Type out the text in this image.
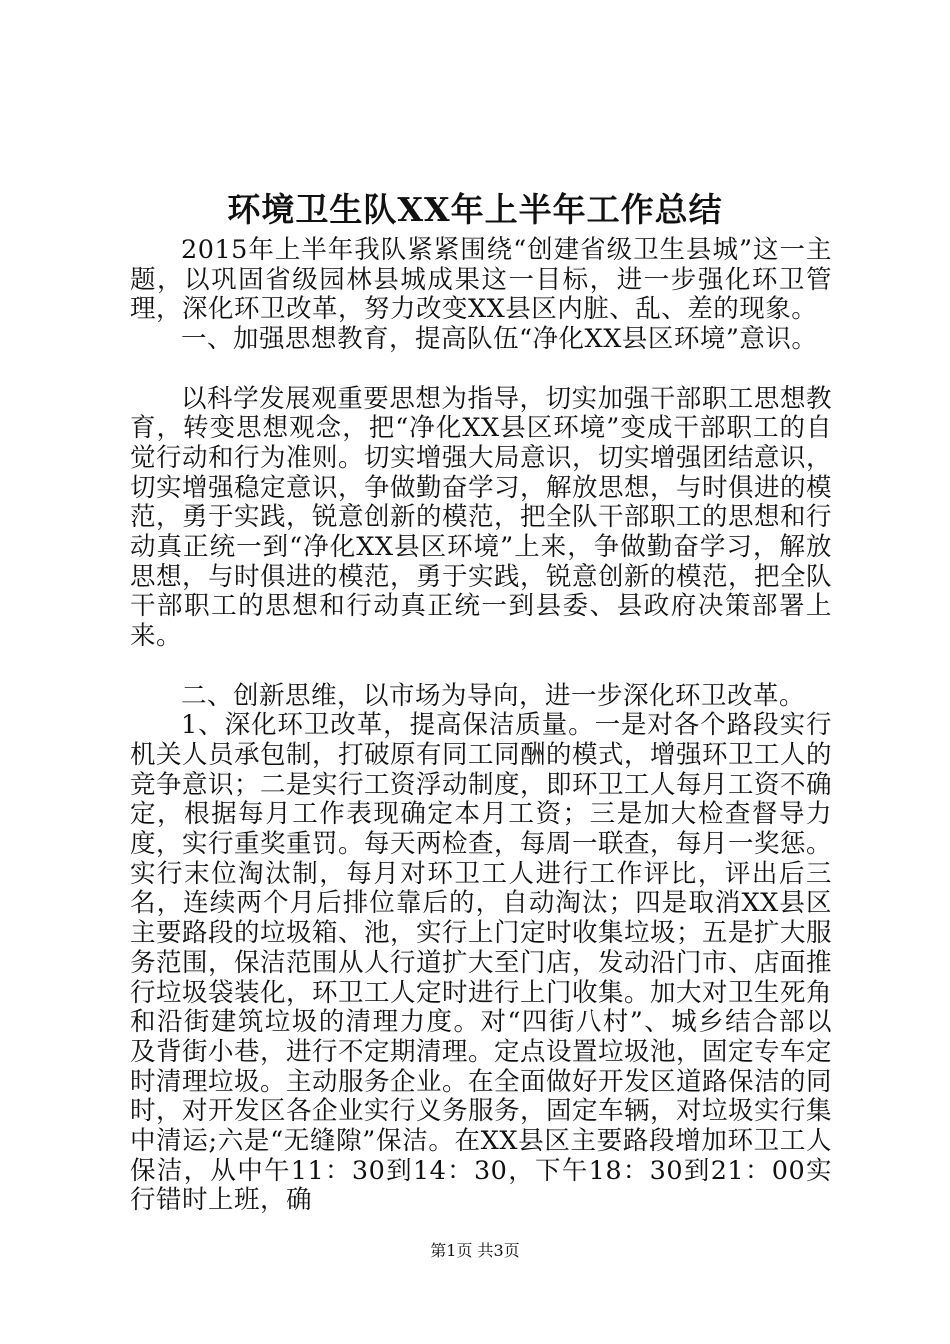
环境卫生队XX年上半年工作总结

2015年上半年我队紧紧围绕“创建省级卫生县城”这一主题，以巩固省级园林县城成果这一目标，进一步强化环卫管理，深化环卫改革，努力改变XX县区内脏、乱、差的现象。

一、加强思想教育，提高队伍“净化XX县区环境”意识。

以科学发展观重要思想为指导，切实加强干部职工思想教育，转变思想观念，把“净化XX县区环境”变成干部职工的自觉行动和行为准则。切实增强大局意识，切实增强团结意识，切实增强稳定意识，争做勤奋学习，解放思想，与时俱进的模范，勇于实践，锐意创新的模范，把全队干部职工的思想和行动真正统一到“净化XX县区环境”上来，争做勤奋学习，解放思想，与时俱进的模范，勇于实践，锐意创新的模范，把全队干部职工的思想和行动真正统一到县委、县政府决策部署上来。

二、创新思维，以市场为导向，进一步深化环卫改革。

1、深化环卫改革，提高保洁质量。一是对各个路段实行机关人员承包制，打破原有同工同酬的模式，增强环卫工人的竞争意识；二是实行工资浮动制度，即环卫工人每月工资不确定，根据每月工作表现确定本月工资；三是加大检查督导力度，实行重奖重罚。每天两检查，每周一联查，每月一奖惩。实行末位淘汰制，每月对环卫工人进行工作评比，评出后三名，连续两个月后排位靠后的，自动淘汰；四是取消XX县区主要路段的垃圾箱、池，实行上门定时收集垃圾；五是扩大服务范围，保洁范围从人行道扩大至门店，发动沿门市、店面推行垃圾袋装化，环卫工人定时进行上门收集。加大对卫生死角和沿街建筑垃圾的清理力度。对“四街八村”、城乡结合部以及背街小巷，进行不定期清理。定点设置垃圾池，固定专车定时清理垃圾。主动服务企业。在全面做好开发区道路保洁的同时，对开发区各企业实行义务服务，固定车辆，对垃圾实行集中清运;六是“无缝隙”保洁。在XX县区主要路段增加环卫工人保洁，从中午11：30到14：30，下午18：30到21：00实行错时上班，确

第1页 共3页
